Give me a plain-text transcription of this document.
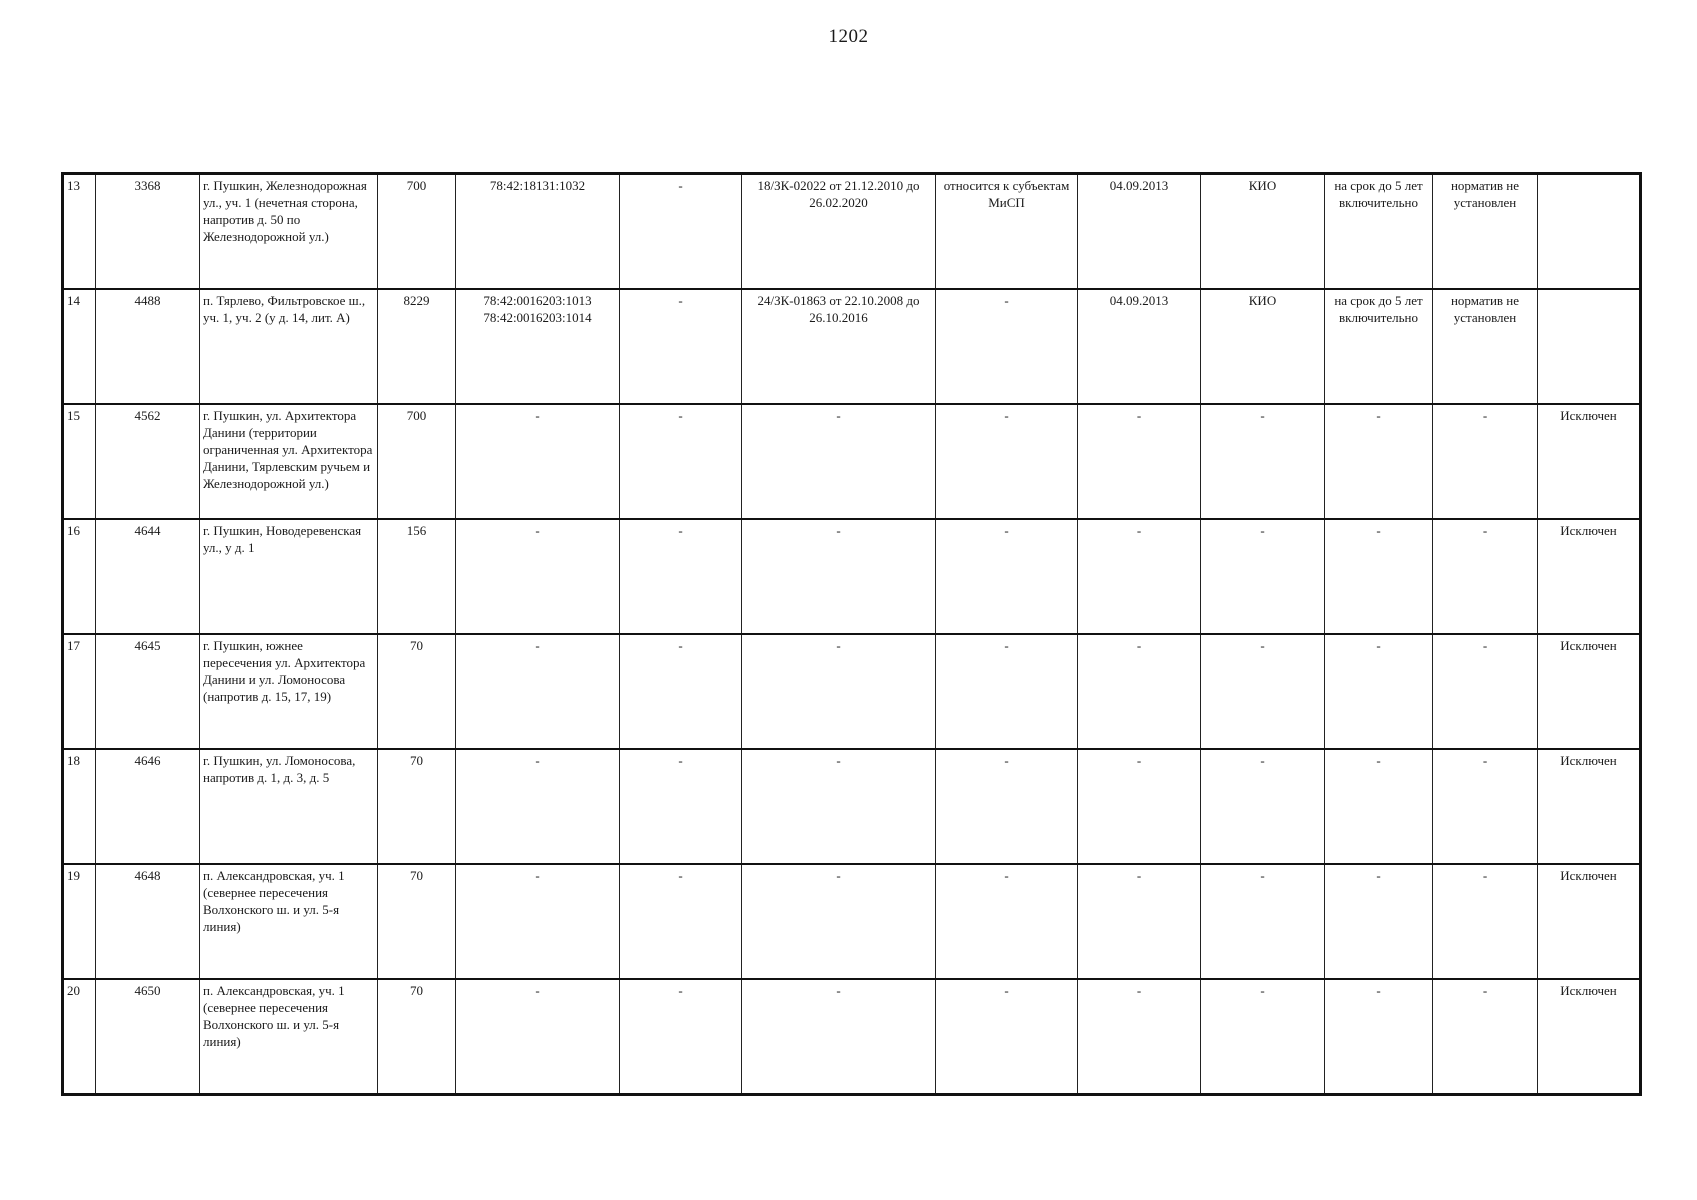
1202
13	3368	г. Пушкин, Железнодорожная ул., уч. 1 (нечетная сторона, напротив д. 50 по Железнодорожной ул.)	700	78:42:18131:1032	-	18/ЗК-02022 от 21.12.2010 до 26.02.2020	относится к субъектам МиСП	04.09.2013	КИО	на срок до 5 лет включительно	норматив не установлен	
14	4488	п. Тярлево, Фильтровское ш., уч. 1, уч. 2 (у д. 14, лит. А)	8229	78:42:0016203:1013 78:42:0016203:1014	-	24/ЗК-01863 от 22.10.2008 до 26.10.2016	-	04.09.2013	КИО	на срок до 5 лет включительно	норматив не установлен	
15	4562	г. Пушкин, ул. Архитектора Данини (территории ограниченная ул. Архитектора Данини, Тярлевским ручьем и Железнодорожной ул.)	700	-	-	-	-	-	-	-	-	Исключен
16	4644	г. Пушкин, Новодеревенская ул., у д. 1	156	-	-	-	-	-	-	-	-	Исключен
17	4645	г. Пушкин, южнее пересечения ул. Архитектора Данини и ул. Ломоносова (напротив д. 15, 17, 19)	70	-	-	-	-	-	-	-	-	Исключен
18	4646	г. Пушкин, ул. Ломоносова, напротив д. 1, д. 3, д. 5	70	-	-	-	-	-	-	-	-	Исключен
19	4648	п. Александровская, уч. 1 (севернее пересечения Волхонского ш. и ул. 5-я линия)	70	-	-	-	-	-	-	-	-	Исключен
20	4650	п. Александровская, уч. 1 (севернее пересечения Волхонского ш. и ул. 5-я линия)	70	-	-	-	-	-	-	-	-	Исключен
